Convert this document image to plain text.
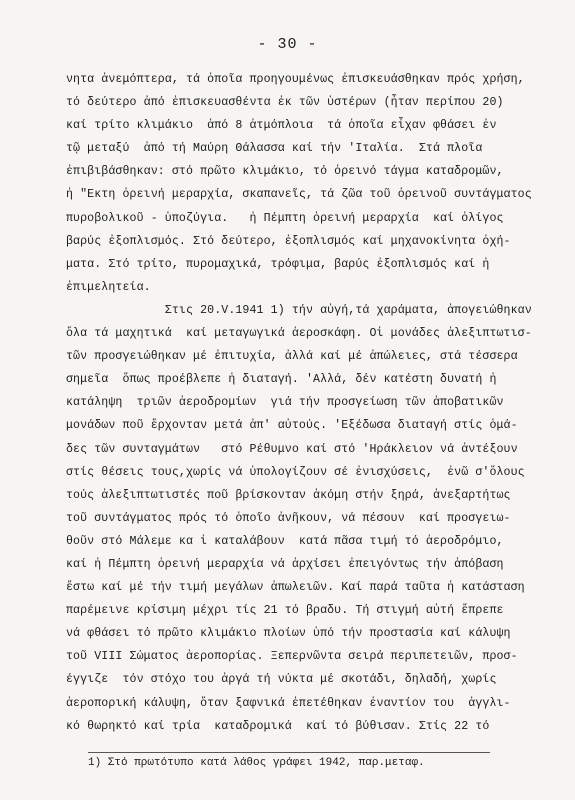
- 30 -
νητα ἀνεμόπτερα, τά ὁποῖα προηγουμένως ἐπισκευάσθηκαν πρός χρήση,
τό δεύτερο ἀπό ἐπισκευασθέντα ἐκ τῶν ὑστέρων (ἦταν περίπου 20)
καί τρίτο κλιμάκιο  ἀπό 8 ἀτμόπλοια  τά ὁποῖα εἶχαν φθάσει ἐν
τῷ μεταξύ  ἀπό τή Μαύρη Θάλασσα καί τήν 'Ιταλία.  Στά πλοῖα
ἐπιβιβάσθηκαν: στό πρῶτο κλιμάκιο, τό ὀρεινό τάγμα καταδρομῶν,
ἡ "Εκτη ὀρεινή μεραρχία, σκαπανεῖς, τά ζῶα τοῦ ὀρεινοῦ συντάγματος
πυροβολικοῦ - ὑποζύγια.   ἡ Πέμπτη ὀρεινή μεραρχία  καί ὀλίγος
βαρύς ἐξοπλισμός. Στό δεύτερο, ἐξοπλισμός καί μηχανοκίνητα ὀχή-
ματα. Στό τρίτο, πυρομαχικά, τρόφιμα, βαρύς ἐξοπλισμός καί ἡ
ἐπιμελητεία.
Στις 20.V.1941 1) τήν αὐγή,τά χαράματα, ἀπογειώθηκαν
ὅλα τά μαχητικά  καί μεταγωγικά ἀεροσκάφη. Οἱ μονάδες ἀλεξιπτωτισ-
τῶν προσγειώθηκαν μέ ἐπιτυχία, ἀλλά καί μέ ἀπώλειες, στά τέσσερα
σημεῖα  ὅπως προέβλεπε ἡ διαταγή. 'Αλλά, δέν κατέστη δυνατή ἡ
κατάληψη  τριῶν ἀεροδρομίων  γιά τήν προσγείωση τῶν ἀποβατικῶν
μονάδων ποῦ ἔρχονταν μετά ἀπ' αὐτούς. 'Εξέδωσα διαταγή στίς ὁμά-
δες τῶν συνταγμάτων   στό Ρέθυμνο καί στό 'Ηράκλειον νά ἀντέξουν
στίς θέσεις τους,χωρίς νά ὑπολογίζουν σέ ἐνισχύσεις,  ἐνῶ σ'ὅλους
τούς ἀλεξιπτωτιστές ποῦ βρίσκονταν ἀκόμη στήν ξηρά, ἀνεξαρτήτως
τοῦ συντάγματος πρός τό ὁποῖο ἀνῆκουν, νά πέσουν  καί προσγειω-
θοῦν στό Μάλεμε κα ἰ καταλάβουν  κατά πᾶσα τιμή τό ἀεροδρόμιο,
καί ἡ Πέμπτη ὀρεινή μεραρχία νά ἀρχίσει ἐπειγόντως τήν ἀπόβαση
ἔστω καί μέ τήν τιμή μεγάλων ἀπωλειῶν. Καί παρά ταῦτα ἡ κατάσταση
παρέμεινε κρίσιμη μέχρι τίς 21 τό βραδυ. Τή στιγμή αὐτή ἔπρεπε
νά φθάσει τό πρῶτο κλιμάκιο πλοίων ὑπό τήν προστασία καί κάλυψη
τοῦ VIII Σώματος ἀεροπορίας. Ξεπερνῶντα σειρά περιπετειῶν, προσ-
έγγιζε  τόν στόχο του ἀργά τή νύκτα μέ σκοτάδι, δηλαδή, χωρίς
ἀεροπορική κάλυψη, ὅταν ξαφνικά ἐπετέθηκαν ἐναντίον του  ἀγγλι-
κό θωρηκτό καί τρία  καταδρομικά  καί τό βύθισαν. Στίς 22 τό
1) Στό πρωτότυπο κατά λάθος γράφει 1942, παρ.μεταφ.
